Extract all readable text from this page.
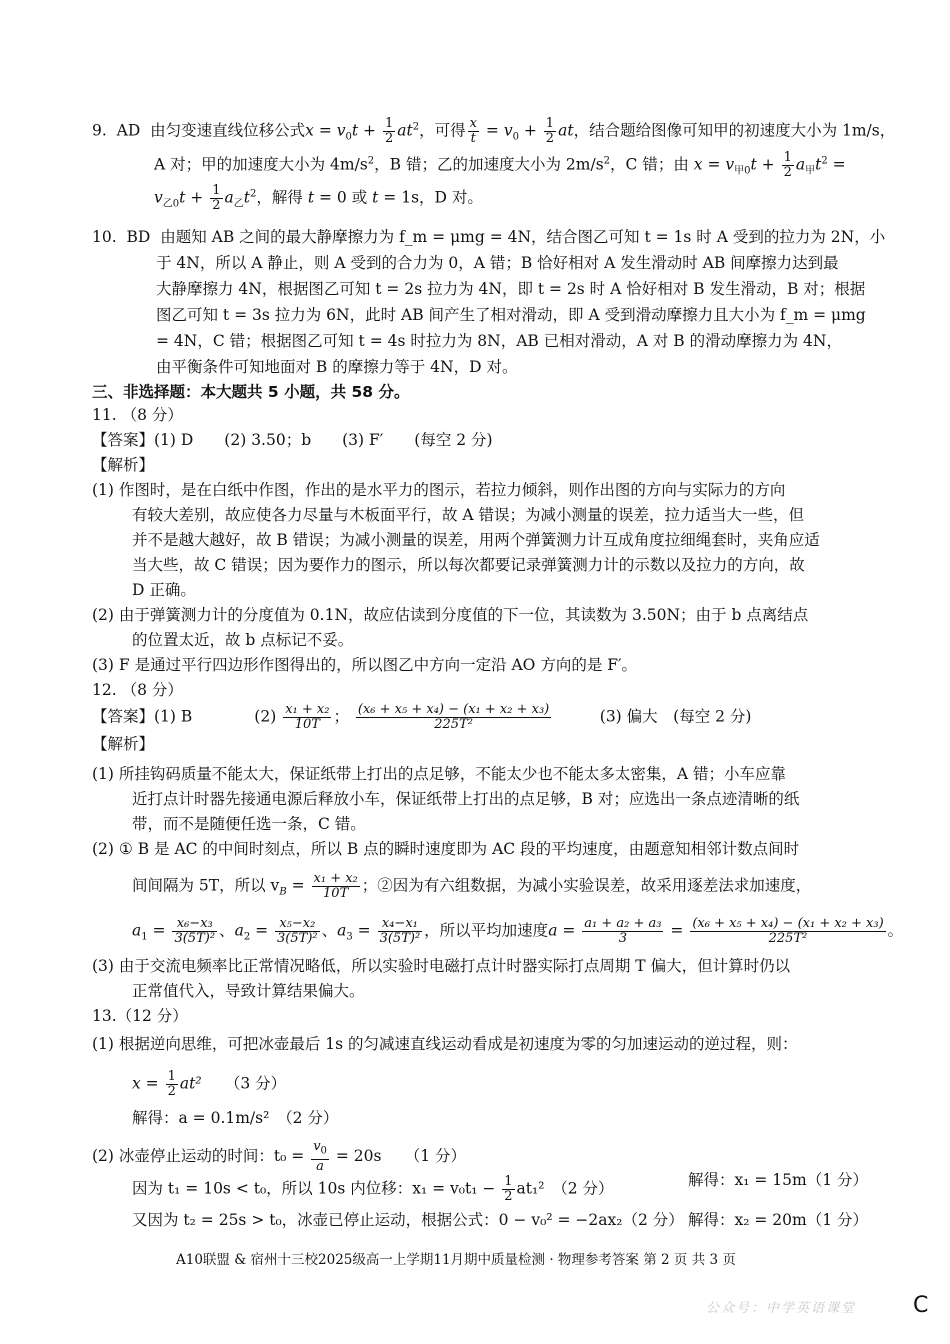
9. AD 由匀变速直线位移公式$x = v_0t + \frac{1}{2} at^2$，可得 $\frac{x}{t} = v_0 + \frac{1}{2}$ at，结合题给图像可知甲的初速度大小为 1m/s，
A 对；甲的加速度大小为 $4m/s^2$，B 错；乙的加速度大小为 $2m/s^2$，C 错；由 $x = v_{甲0}t + \frac{1}{2} a_甲t^2$ =
$v_{乙0}t + \frac{1}{2} a_乙t^2$，解得 t = 0 或 t = 1s，D 对。
10. BD 由题知 AB 之间的最大静摩擦力为 f_m = μmg = 4N，结合图乙可知 t = 1s 时 A 受到的拉力为 2N，小
于 4N，所以 A 静止，则 A 受到的合力为 0，A 错；B 恰好相对 A 发生滑动时 AB 间摩擦力达到最
大静摩擦力 4N，根据图乙可知 t = 2s 拉力为 4N，即 t = 2s 时 A 恰好相对 B 发生滑动，B 对；根据
图乙可知 t = 3s 拉力为 6N，此时 AB 间产生了相对滑动，即 A 受到滑动摩擦力且大小为 f_m = μmg
= 4N，C 错；根据图乙可知 t = 4s 时拉力为 8N，AB 已相对滑动，A 对 B 的滑动摩擦力为 4N，
由平衡条件可知地面对 B 的摩擦力等于 4N，D 对。
三、非选择题：本大题共 5 小题，共 58 分。
11. （8 分）
【答案】(1) D　　(2) 3.50；b　　(3) F′　　(每空 2 分)
【解析】
(1) 作图时，是在白纸中作图，作出的是水平力的图示，若拉力倾斜，则作出图的方向与实际力的方向
有较大差别，故应使各力尽量与木板面平行，故 A 错误；为减小测量的误差，拉力适当大一些，但
并不是越大越好，故 B 错误；为减小测量的误差，用两个弹簧测力计互成角度拉细绳套时，夹角应适
当大些，故 C 错误；因为要作力的图示，所以每次都要记录弹簧测力计的示数以及拉力的方向，故
D 正确。
(2) 由于弹簧测力计的分度值为 0.1N，故应估读到分度值的下一位，其读数为 3.50N；由于 b 点离结点
的位置太近，故 b 点标记不妥。
(3) F 是通过平行四边形作图得出的，所以图乙中方向一定沿 AO 方向的是 F′。
12. （8 分）
【答案】(1) B　　　　	$(2) \frac{\text{x₁ + x₂}}{10T}$ ； $\frac{\text{(x₆ + x₅ + x₄) − (x₁ + x₂ + x₃)}}{\text{225T²}}$
　　　	(3) 偏大　(每空 2 分)
【解析】
(1) 所挂钩码质量不能太大，保证纸带上打出的点足够，不能太少也不能太多太密集，A 错；小车应靠
近打点计时器先接通电源后释放小车，保证纸带上打出的点足够，B 对；应选出一条点迹清晰的纸
带，而不是随便任选一条，C 错。
(2) ① B 是 AC 的中间时刻点，所以 B 点的瞬时速度即为 AC 段的平均速度，由题意知相邻计数点间时
间间隔为 5T，所以 $v_B = \frac{\text{x₁ + x₂}}{10T}$ ；②因为有六组数据，为减小实验误差，故采用逐差法求加速度，
$a_1 = \frac{\text{x₆−x₃}}{\text{3(5T)²}}$ 、$a_2 = \frac{\text{x₅−x₂}}{\text{3(5T)²}}$ 、$a_3 = \frac{\text{x₄−x₁}}{\text{3(5T)²}}$ ，所以平均加速度$a = \frac{\text{a₁ + a₂ + a₃}}{3} = \frac{\text{(x₆ + x₅ + x₄) − (x₁ + x₂ + x₃)}}{\text{225T²}}$ 。
(3) 由于交流电频率比正常情况略低，所以实验时电磁打点计时器实际打点周期 T 偏大，但计算时仍以
正常值代入，导致计算结果偏大。
13.（12 分）
(1) 根据逆向思维，可把冰壶最后 1s 的匀减速直线运动看成是初速度为零的匀加速运动的逆过程，则：
$x = \frac{1}{2} at^2$　　 （3 分）
解得：a = 0.1m/s²　（2 分）
(2) 冰壶停止运动的时间：$t_0 = \frac{v_0}{a} = 20s$　　（1 分）
因为 t₁ = 10s < t₀，所以 10s 内位移：$x_1 = v_0t_1 - \frac{1}{2} at_1^2$　（2 分）	解得：x₁ = 15m（1 分）
又因为 t₂ = 25s > t₀，冰壶已停止运动，根据公式：0 − v₀² = −2ax₂（2 分） 解得：x₂ = 20m（1 分）
A10联盟 & 宿州十三校2025级高一上学期11月期中质量检测 · 物理参考答案 第 2 页 共 3 页
公众号：中学英语课堂	C
